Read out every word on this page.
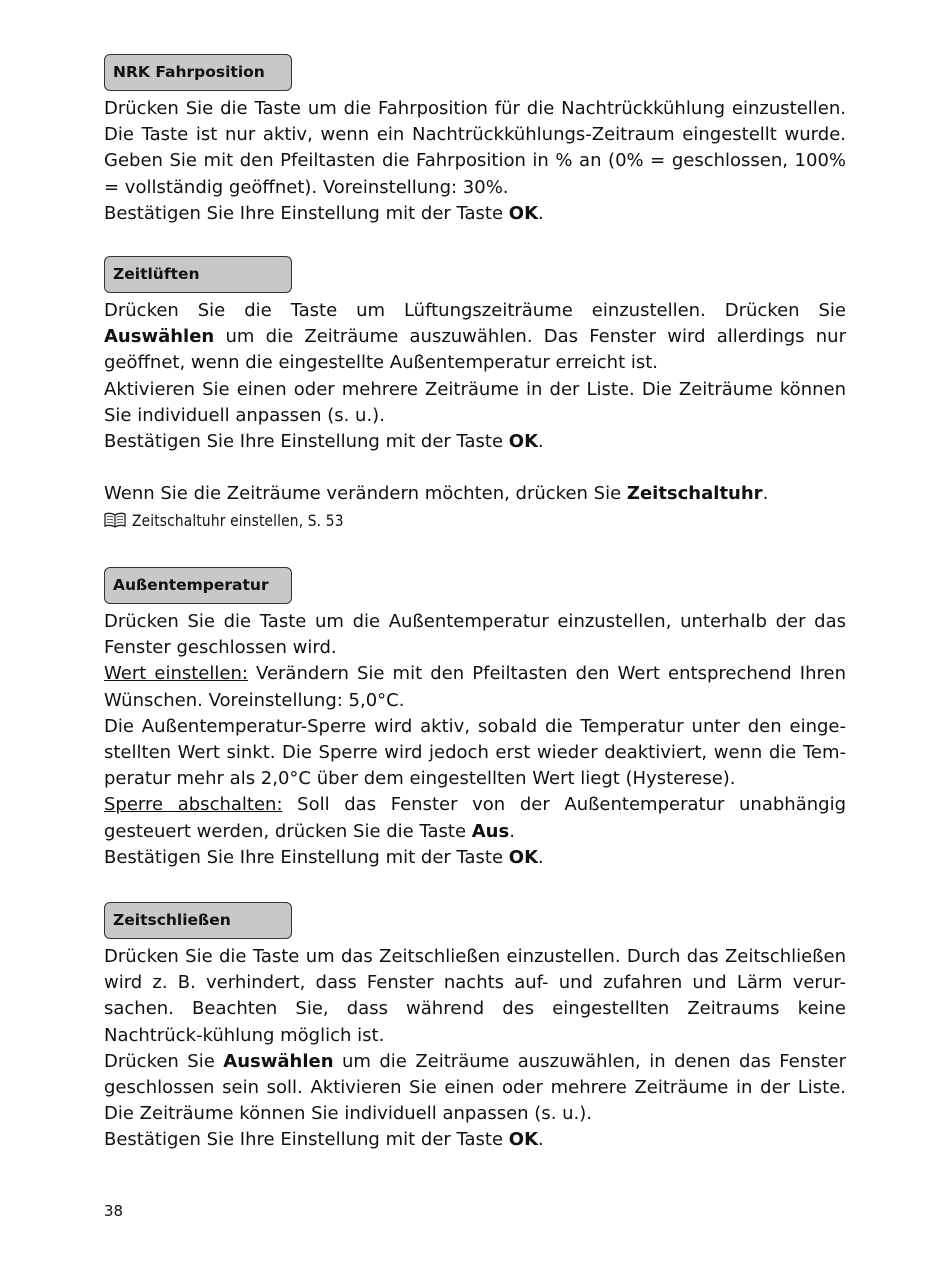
NRK Fahrposition

Drücken Sie die Taste um die Fahrposition für die Nachtrückkühlung einzustellen. Die Taste ist nur aktiv, wenn ein Nachtrückkühlungs-Zeitraum eingestellt wurde. Geben Sie mit den Pfeiltasten die Fahrposition in % an (0% = geschlossen, 100% = vollständig geöffnet). Voreinstellung: 30%.

Bestätigen Sie Ihre Einstellung mit der Taste OK.

Zeitlüften

Drücken Sie die Taste um Lüftungszeiträume einzustellen. Drücken Sie Auswählen um die Zeiträume auszuwählen. Das Fenster wird allerdings nur geöffnet, wenn die eingestellte Außentemperatur erreicht ist.

Aktivieren Sie einen oder mehrere Zeiträume in der Liste. Die Zeiträume können Sie individuell anpassen (s. u.).

Bestätigen Sie Ihre Einstellung mit der Taste OK.

Wenn Sie die Zeiträume verändern möchten, drücken Sie Zeitschaltuhr.

Zeitschaltuhr einstellen, S. 53

Außentemperatur

Drücken Sie die Taste um die Außentemperatur einzustellen, unterhalb der das Fenster geschlossen wird.

Wert einstellen: Verändern Sie mit den Pfeiltasten den Wert entsprechend Ihren Wünschen. Voreinstellung: 5,0°C.

Die Außentemperatur-Sperre wird aktiv, sobald die Temperatur unter den einge-stellten Wert sinkt. Die Sperre wird jedoch erst wieder deaktiviert, wenn die Tem-peratur mehr als 2,0°C über dem eingestellten Wert liegt (Hysterese).

Sperre abschalten: Soll das Fenster von der Außentemperatur unabhängig gesteuert werden, drücken Sie die Taste Aus.

Bestätigen Sie Ihre Einstellung mit der Taste OK.

Zeitschließen

Drücken Sie die Taste um das Zeitschließen einzustellen. Durch das Zeitschließen wird z. B. verhindert, dass Fenster nachts auf- und zufahren und Lärm verur-sachen. Beachten Sie, dass während des eingestellten Zeitraums keine Nachtrück-kühlung möglich ist.

Drücken Sie Auswählen um die Zeiträume auszuwählen, in denen das Fenster geschlossen sein soll. Aktivieren Sie einen oder mehrere Zeiträume in der Liste. Die Zeiträume können Sie individuell anpassen (s. u.).

Bestätigen Sie Ihre Einstellung mit der Taste OK.

38
